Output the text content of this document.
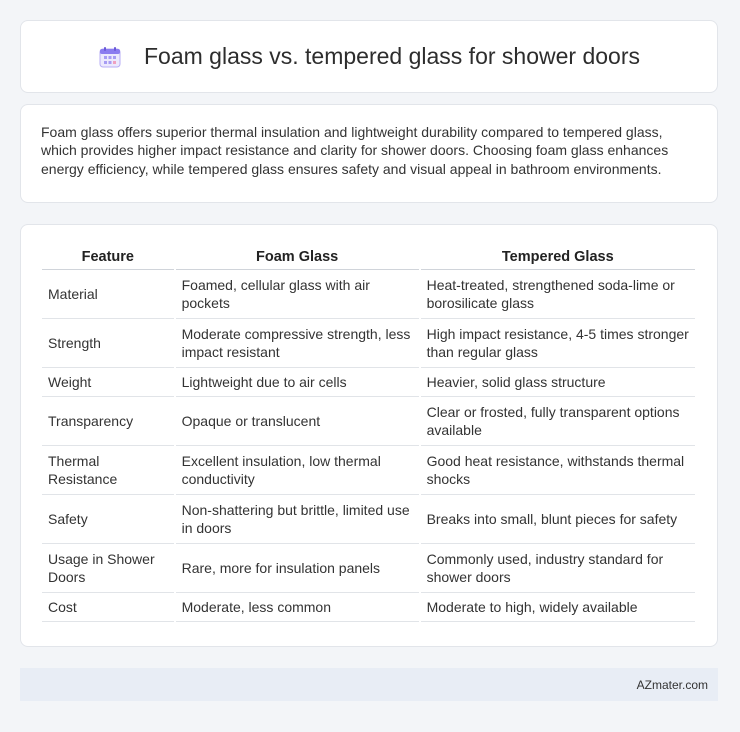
Foam glass vs. tempered glass for shower doors

Foam glass offers superior thermal insulation and lightweight durability compared to tempered glass, which provides higher impact resistance and clarity for shower doors. Choosing foam glass enhances energy efficiency, while tempered glass ensures safety and visual appeal in bathroom environments.

Feature	Foam Glass	Tempered Glass
Material	Foamed, cellular glass with air pockets	Heat-treated, strengthened soda-lime or borosilicate glass
Strength	Moderate compressive strength, less impact resistant	High impact resistance, 4-5 times stronger than regular glass
Weight	Lightweight due to air cells	Heavier, solid glass structure
Transparency	Opaque or translucent	Clear or frosted, fully transparent options available
Thermal Resistance	Excellent insulation, low thermal conductivity	Good heat resistance, withstands thermal shocks
Safety	Non-shattering but brittle, limited use in doors	Breaks into small, blunt pieces for safety
Usage in Shower Doors	Rare, more for insulation panels	Commonly used, industry standard for shower doors
Cost	Moderate, less common	Moderate to high, widely available
AZmater.com
